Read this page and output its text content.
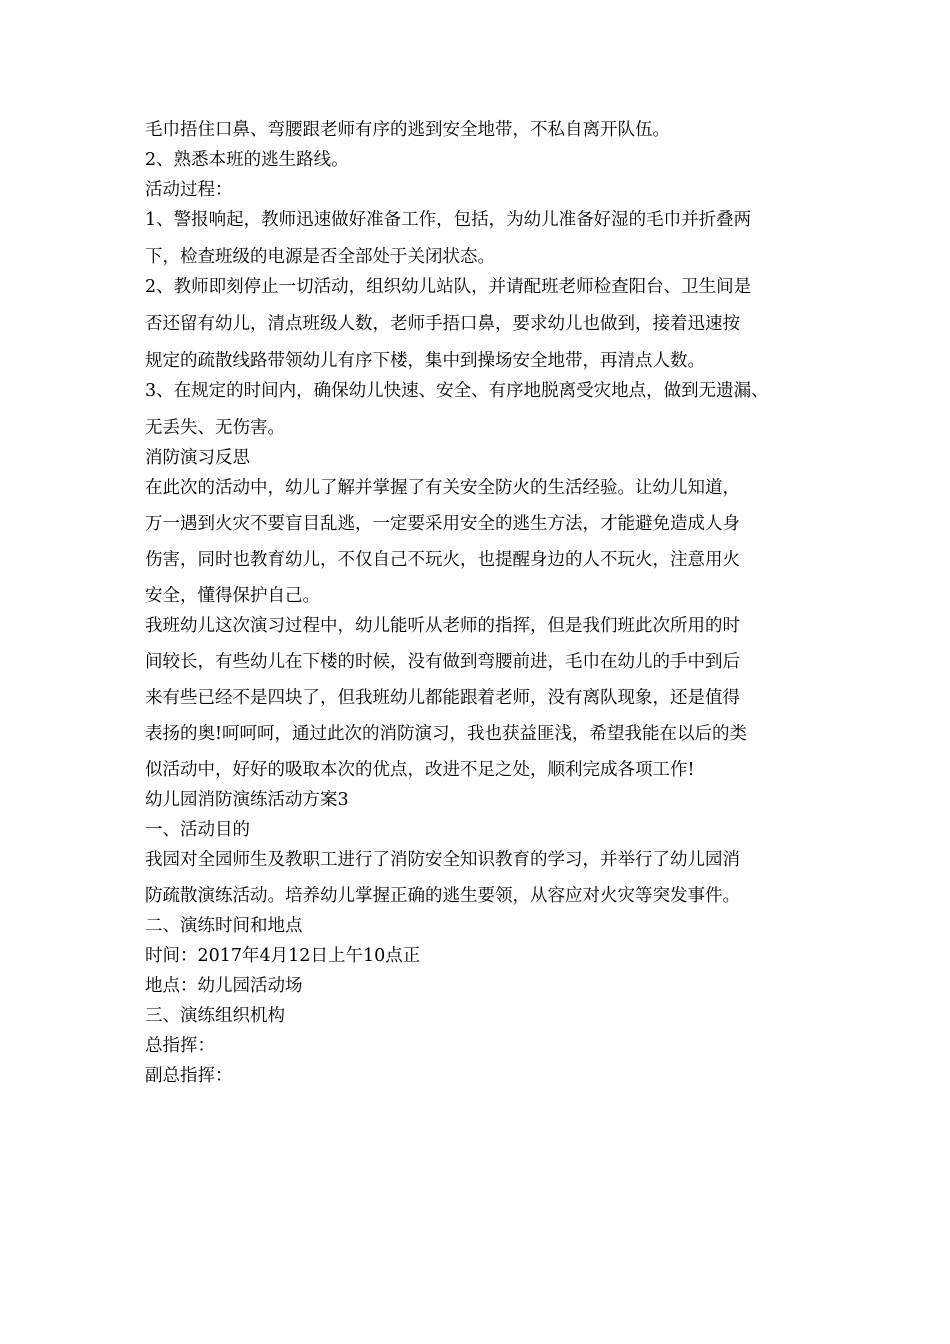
毛巾捂住口鼻、弯腰跟老师有序的逃到安全地带，不私自离开队伍。

2、熟悉本班的逃生路线。

活动过程：

1、警报响起，教师迅速做好准备工作，包括，为幼儿准备好湿的毛巾并折叠两

下，检查班级的电源是否全部处于关闭状态。

2、教师即刻停止一切活动，组织幼儿站队，并请配班老师检查阳台、卫生间是

否还留有幼儿，清点班级人数，老师手捂口鼻，要求幼儿也做到，接着迅速按

规定的疏散线路带领幼儿有序下楼，集中到操场安全地带，再清点人数。

3、在规定的时间内，确保幼儿快速、安全、有序地脱离受灾地点，做到无遗漏、

无丢失、无伤害。

消防演习反思

在此次的活动中，幼儿了解并掌握了有关安全防火的生活经验。让幼儿知道，

万一遇到火灾不要盲目乱逃，一定要采用安全的逃生方法，才能避免造成人身

伤害，同时也教育幼儿，不仅自己不玩火，也提醒身边的人不玩火，注意用火

安全，懂得保护自己。

我班幼儿这次演习过程中，幼儿能听从老师的指挥，但是我们班此次所用的时

间较长，有些幼儿在下楼的时候，没有做到弯腰前进，毛巾在幼儿的手中到后

来有些已经不是四块了，但我班幼儿都能跟着老师，没有离队现象，还是值得

表扬的奥!呵呵呵，通过此次的消防演习，我也获益匪浅，希望我能在以后的类

似活动中，好好的吸取本次的优点，改进不足之处，顺利完成各项工作!

幼儿园消防演练活动方案3

一、活动目的

我园对全园师生及教职工进行了消防安全知识教育的学习，并举行了幼儿园消

防疏散演练活动。培养幼儿掌握正确的逃生要领，从容应对火灾等突发事件。

二、演练时间和地点

时间：2017年4月12日上午10点正

地点：幼儿园活动场

三、演练组织机构

总指挥：

副总指挥：
